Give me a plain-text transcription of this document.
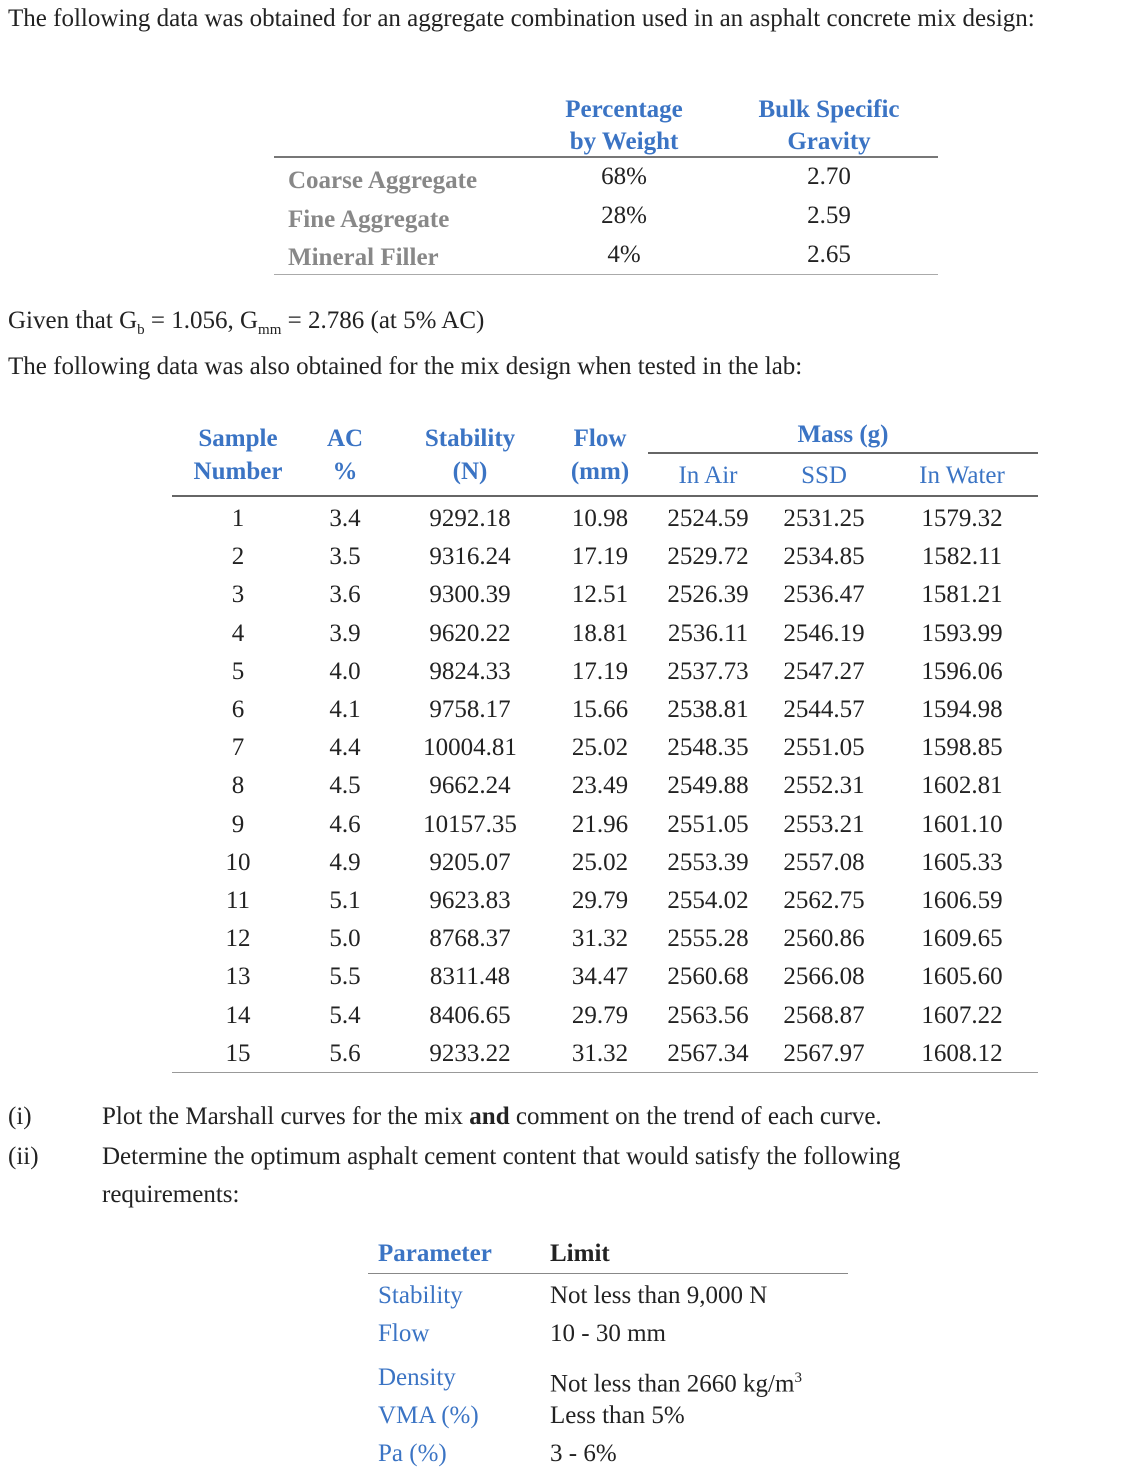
The following data was obtained for an aggregate combination used in an asphalt concrete mix design:

Percentage
by Weight
Bulk Specific
Gravity
Coarse Aggregate	68%	2.70
Fine Aggregate	28%	2.59
Mineral Filler	4%	2.65

Given that $G_b = 1.056$, $G_{mm} = 2.786$ (at 5% AC)

The following data was also obtained for the mix design when tested in the lab:

Sample
Number
AC
%
Stability
(N)
Flow
(mm)
Mass (g)
In Air	SSD	In Water
1	3.4	9292.18	10.98	2524.59	2531.25	1579.32
2	3.5	9316.24	17.19	2529.72	2534.85	1582.11
3	3.6	9300.39	12.51	2526.39	2536.47	1581.21
4	3.9	9620.22	18.81	2536.11	2546.19	1593.99
5	4.0	9824.33	17.19	2537.73	2547.27	1596.06
6	4.1	9758.17	15.66	2538.81	2544.57	1594.98
7	4.4	10004.81	25.02	2548.35	2551.05	1598.85
8	4.5	9662.24	23.49	2549.88	2552.31	1602.81
9	4.6	10157.35	21.96	2551.05	2553.21	1601.10
10	4.9	9205.07	25.02	2553.39	2557.08	1605.33
11	5.1	9623.83	29.79	2554.02	2562.75	1606.59
12	5.0	8768.37	31.32	2555.28	2560.86	1609.65
13	5.5	8311.48	34.47	2560.68	2566.08	1605.60
14	5.4	8406.65	29.79	2563.56	2568.87	1607.22
15	5.6	9233.22	31.32	2567.34	2567.97	1608.12
(i)	Plot the Marshall curves for the mix and comment on the trend of each curve.
(ii)	Determine the optimum asphalt cement content that would satisfy the following
requirements:
Parameter Limit
Stability	Not less than 9,000 N
Flow	10 - 30 mm
Density	Not less than 2660 $kg/m^3$
VMA (%)	Less than 5%
Pa (%)	3 - 6%
